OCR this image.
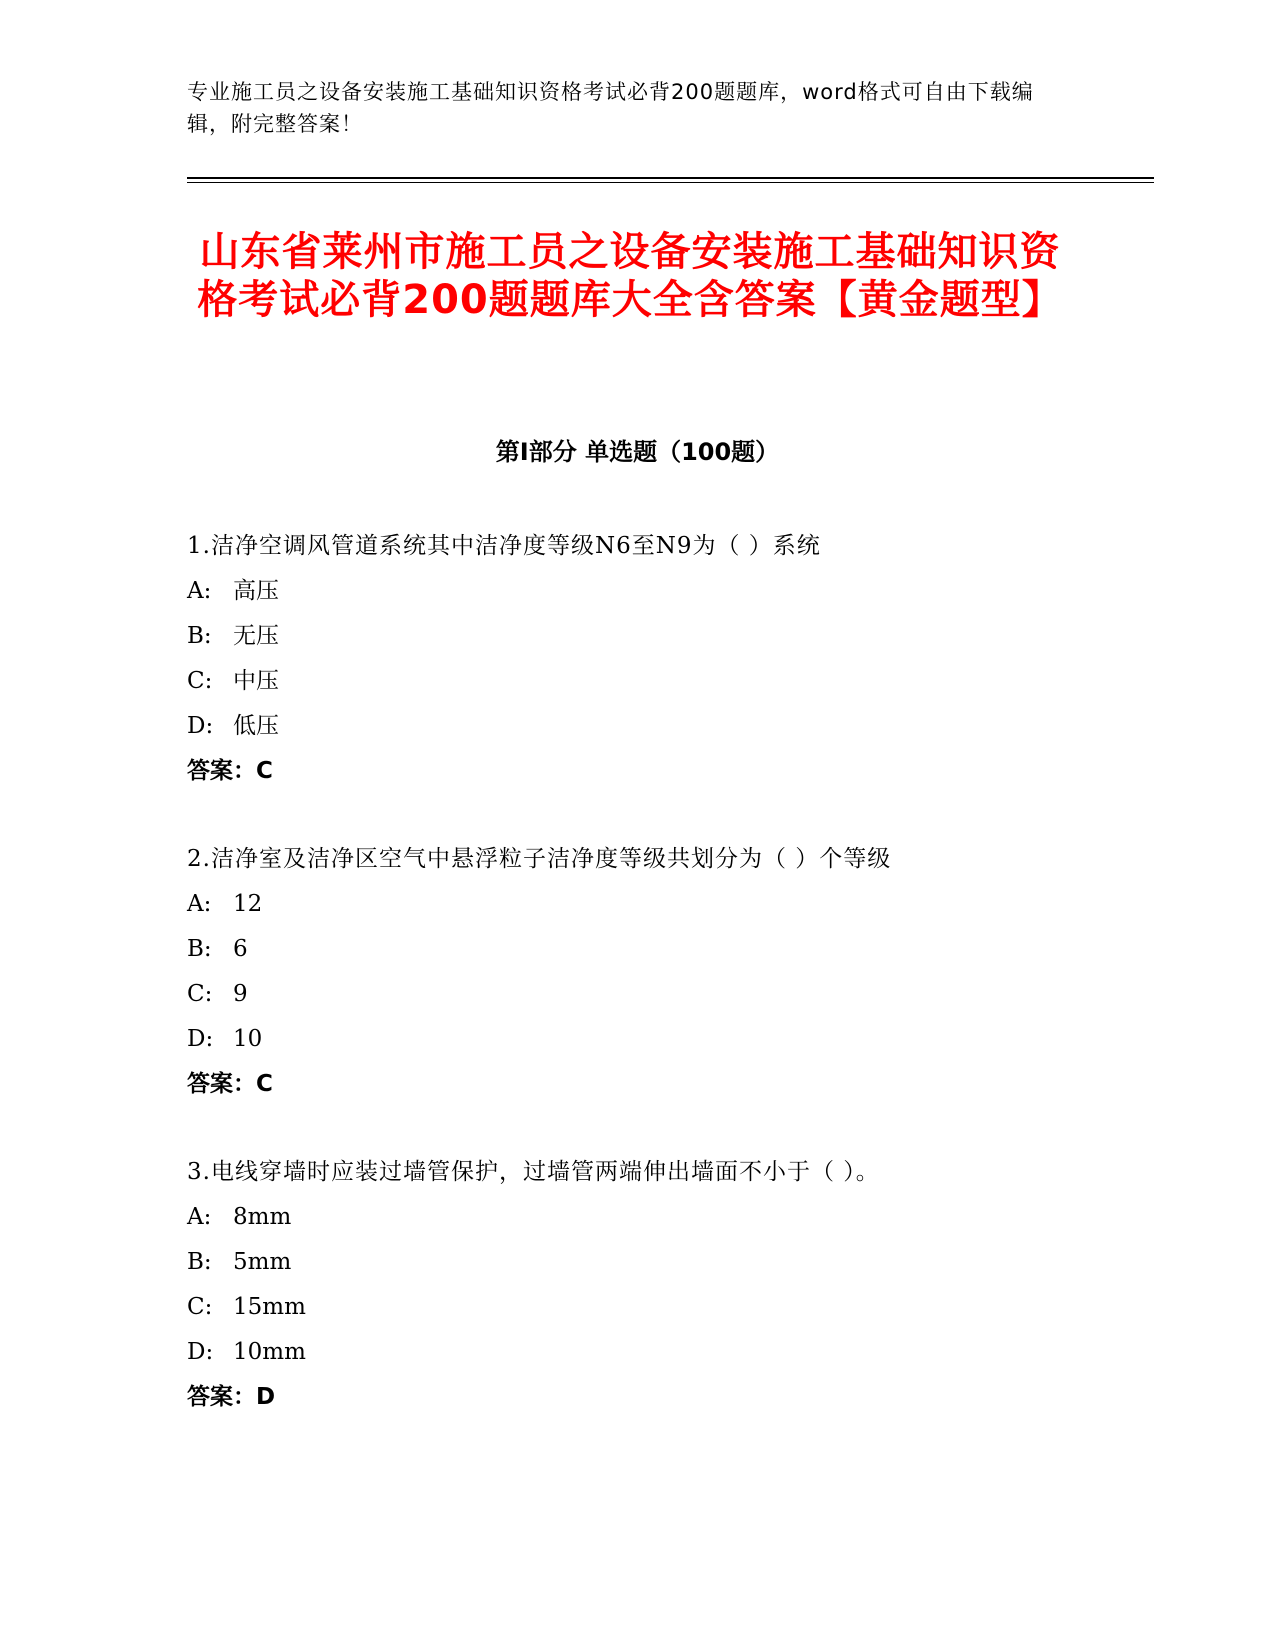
专业施工员之设备安装施工基础知识资格考试必背200题题库，word格式可自由下载编辑，附完整答案！
山东省莱州市施工员之设备安装施工基础知识资格考试必背200题题库大全含答案【黄金题型】
第Ⅰ部分 单选题（100题）
1.洁净空调风管道系统其中洁净度等级N6至N9为（ ）系统
A: 高压
B: 无压
C: 中压
D: 低压
答案：C
2.洁净室及洁净区空气中悬浮粒子洁净度等级共划分为（ ）个等级
A: 12
B: 6
C: 9
D: 10
答案：C
3.电线穿墙时应装过墙管保护，过墙管两端伸出墙面不小于（ ）。
A: 8mm
B: 5mm
C: 15mm
D: 10mm
答案：D
